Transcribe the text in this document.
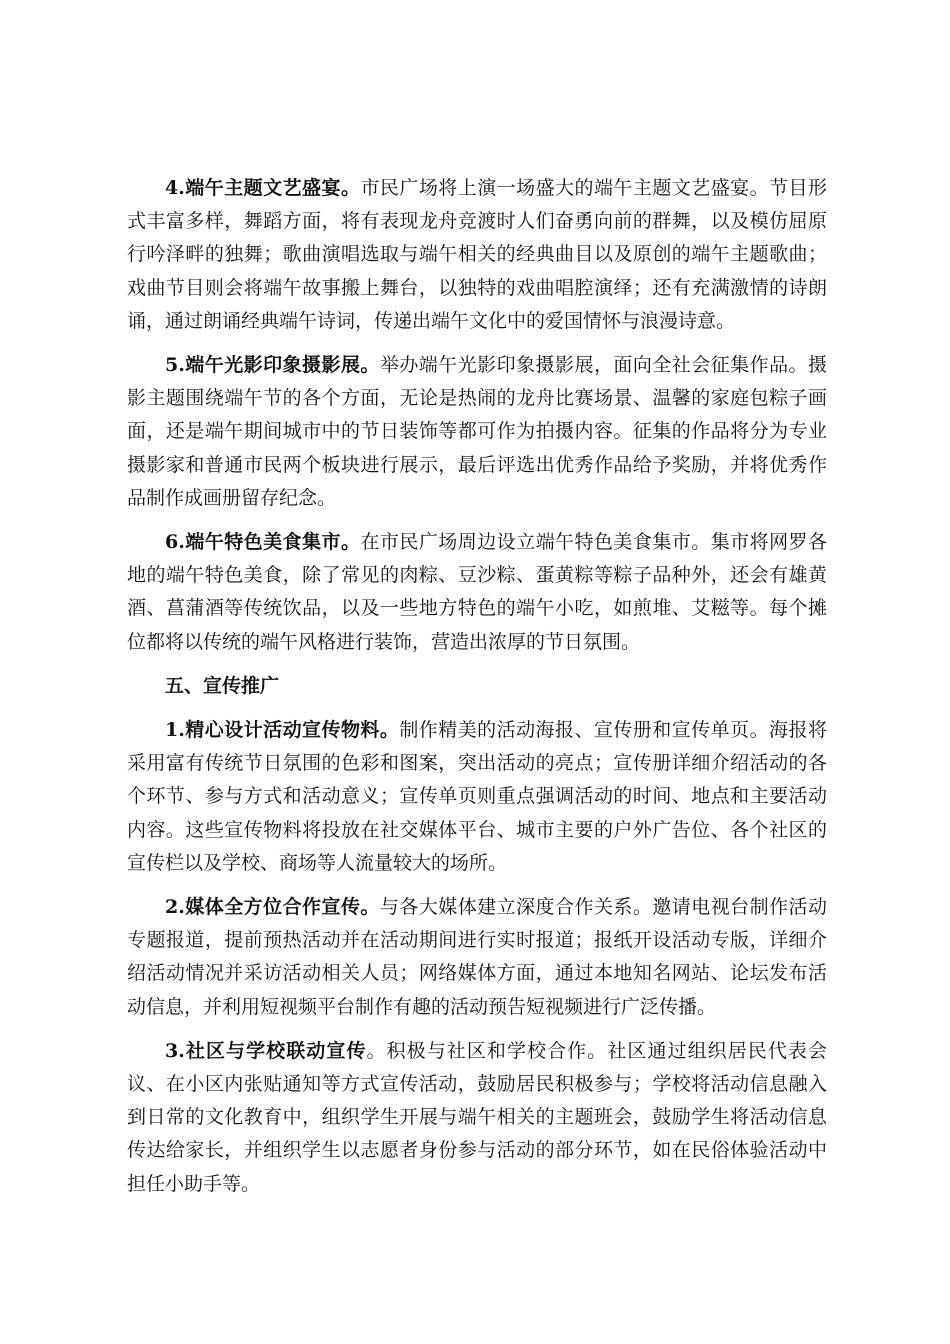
4.端午主题文艺盛宴。市民广场将上演一场盛大的端午主题文艺盛宴。节目形式丰富多样，舞蹈方面，将有表现龙舟竞渡时人们奋勇向前的群舞，以及模仿屈原行吟泽畔的独舞；歌曲演唱选取与端午相关的经典曲目以及原创的端午主题歌曲；戏曲节目则会将端午故事搬上舞台，以独特的戏曲唱腔演绎；还有充满激情的诗朗诵，通过朗诵经典端午诗词，传递出端午文化中的爱国情怀与浪漫诗意。

5.端午光影印象摄影展。举办端午光影印象摄影展，面向全社会征集作品。摄影主题围绕端午节的各个方面，无论是热闹的龙舟比赛场景、温馨的家庭包粽子画面，还是端午期间城市中的节日装饰等都可作为拍摄内容。征集的作品将分为专业摄影家和普通市民两个板块进行展示，最后评选出优秀作品给予奖励，并将优秀作品制作成画册留存纪念。

6.端午特色美食集市。在市民广场周边设立端午特色美食集市。集市将网罗各地的端午特色美食，除了常见的肉粽、豆沙粽、蛋黄粽等粽子品种外，还会有雄黄酒、菖蒲酒等传统饮品，以及一些地方特色的端午小吃，如煎堆、艾糍等。每个摊位都将以传统的端午风格进行装饰，营造出浓厚的节日氛围。

五、宣传推广

1.精心设计活动宣传物料。制作精美的活动海报、宣传册和宣传单页。海报将采用富有传统节日氛围的色彩和图案，突出活动的亮点；宣传册详细介绍活动的各个环节、参与方式和活动意义；宣传单页则重点强调活动的时间、地点和主要活动内容。这些宣传物料将投放在社交媒体平台、城市主要的户外广告位、各个社区的宣传栏以及学校、商场等人流量较大的场所。

2.媒体全方位合作宣传。与各大媒体建立深度合作关系。邀请电视台制作活动专题报道，提前预热活动并在活动期间进行实时报道；报纸开设活动专版，详细介绍活动情况并采访活动相关人员；网络媒体方面，通过本地知名网站、论坛发布活动信息，并利用短视频平台制作有趣的活动预告短视频进行广泛传播。

3.社区与学校联动宣传。积极与社区和学校合作。社区通过组织居民代表会议、在小区内张贴通知等方式宣传活动，鼓励居民积极参与；学校将活动信息融入到日常的文化教育中，组织学生开展与端午相关的主题班会，鼓励学生将活动信息传达给家长，并组织学生以志愿者身份参与活动的部分环节，如在民俗体验活动中担任小助手等。
